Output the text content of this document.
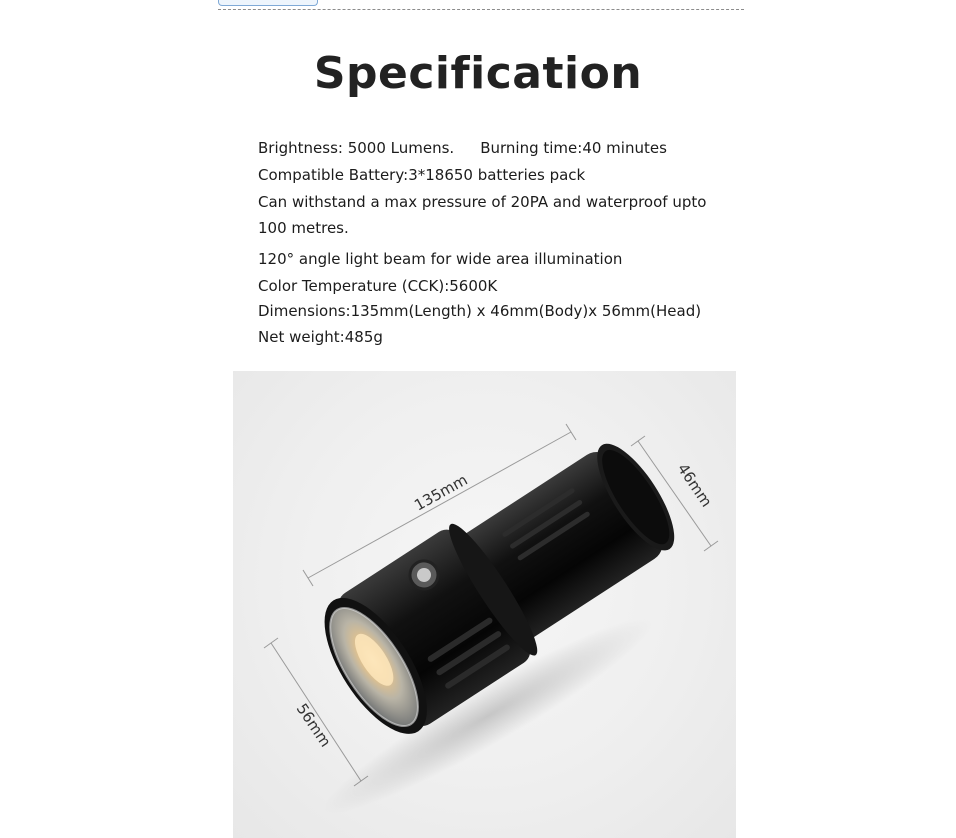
Specification
Brightness: 5000 Lumens. Burning time:40 minutes
Compatible Battery:3*18650 batteries pack
Can withstand a max pressure of 20PA and waterproof upto 100 metres.
120° angle light beam for wide area illumination
Color Temperature (CCK):5600K
Dimensions:135mm(Length) x 46mm(Body)x 56mm(Head)
Net weight:485g
135mm	46mm
56mm
